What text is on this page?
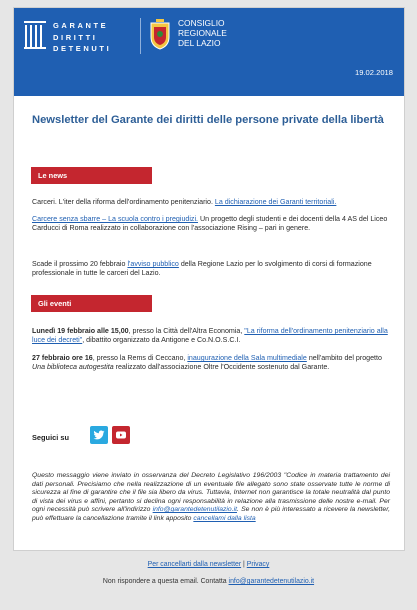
GARANTE
DIRITTI
DETENUTI
CONSIGLIO
REGIONALE
DEL LAZIO
19.02.2018
Newsletter del Garante dei diritti delle persone private della libertà
Le news
Carceri. L'iter della riforma dell'ordinamento penitenziario. La dichiarazione dei Garanti territoriali.
Carcere senza sbarre – La scuola contro i pregiudizi. Un progetto degli studenti e dei docenti della 4 AS del Liceo Carducci di Roma realizzato in collaborazione con l'associazione Rising – pari in genere.
Scade il prossimo 20 febbraio l'avviso pubblico della Regione Lazio per lo svolgimento di corsi di formazione professionale in tutte le carceri del Lazio.
Gli eventi
Lunedì 19 febbraio alle 15,00, presso la Città dell'Altra Economia, "La riforma dell'ordinamento penitenziario alla luce dei decreti", dibattito organizzato da Antigone e Co.N.O.S.C.I.
27 febbraio ore 16, presso la Rems di Ceccano, inaugurazione della Sala multimediale nell'ambito del progetto Una biblioteca autogestita realizzato dall'associazione Oltre l'Occidente sostenuto dal Garante.
Seguici su
Questo messaggio viene inviato in osservanza del Decreto Legislativo 196/2003 "Codice in materia trattamento dei dati personali. Precisiamo che nella realizzazione di un eventuale file allegato sono state osservate tutte le norme di sicurezza al fine di garantire che il file sia libero da virus. Tuttavia, Internet non garantisce la totale neutralità dal punto di vista dei virus e affini, pertanto si declina ogni responsabilità in relazione alla trasmissione delle nostre e-mail. Per ogni necessità può scrivere all'indirizzo info@garantedetenutilazio.it. Se non è più interessato a ricevere la newsletter, può effettuare la cancellazione tramite il link apposito cancellami dalla lista
Per cancellarti dalla newsletter | Privacy
Non rispondere a questa email. Contatta info@garantedetenutilazio.it
